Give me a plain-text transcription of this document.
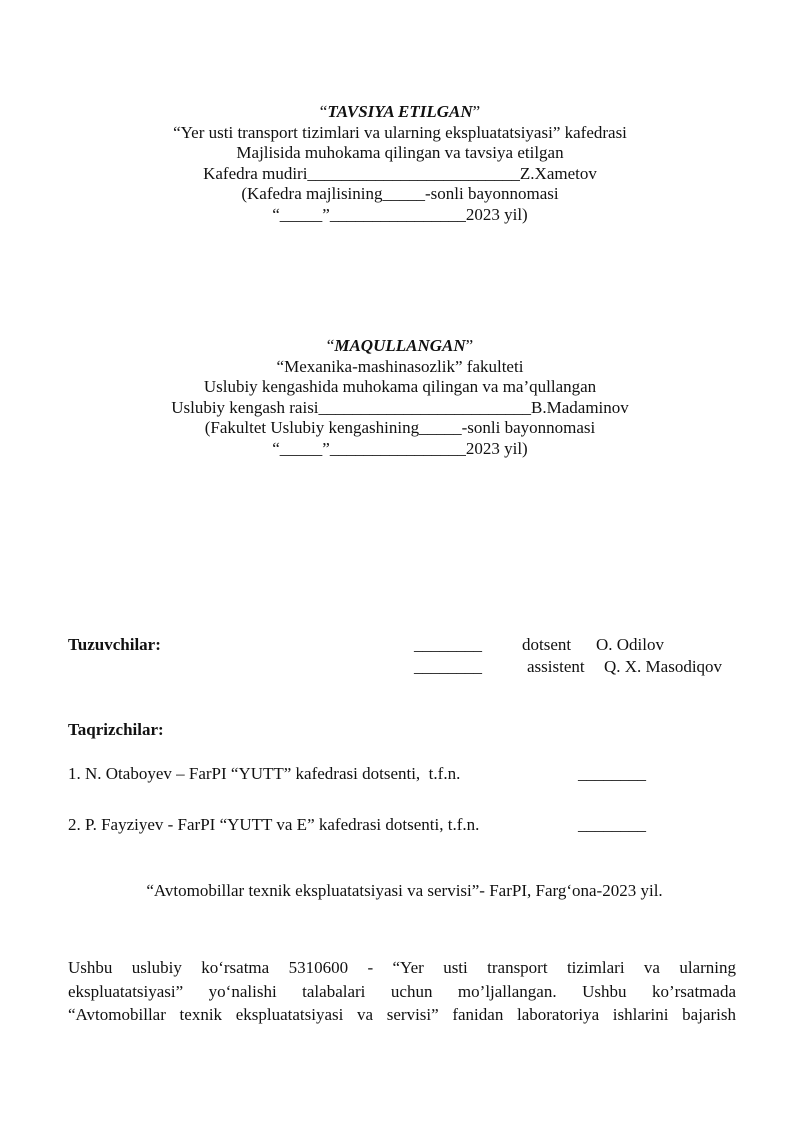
“TAVSIYA ETILGAN”
“Yer usti transport tizimlari va ularning ekspluatatsiyasi” kafedrasi
Majlisida muhokama qilingan va tavsiya etilgan
Kafedra mudiri_________________________Z.Xametov
(Kafedra majlisining_____-sonli bayonnomasi
“_____”________________2023 yil)
“MAQULLANGAN”
“Mexanika-mashinasozlik” fakulteti
Uslubiy kengashida muhokama qilingan va ma’qullangan
Uslubiy kengash raisi_________________________B.Madaminov
(Fakultet Uslubiy kengashining_____-sonli bayonnomasi
“_____”________________2023 yil)
Tuzuvchilar:	________ dotsent O. Odilov
________	assistent Q. X. Masodiqov
Taqrizchilar:
1. N. Otaboyev – FarPI “YUTT” kafedrasi dotsenti,  t.f.n.	________
2. P. Fayziyev - FarPI “YUTT va E” kafedrasi dotsenti, t.f.n.	________
“Avtomobillar texnik ekspluatatsiyasi va servisi”- FarPI, Farg‘ona-2023 yil.
Ushbu uslubiy ko‘rsatma 5310600 - “Yer usti transport tizimlari va ularning
ekspluatatsiyasi” yo‘nalishi talabalari uchun mo’ljallangan. Ushbu ko’rsatmada
“Avtomobillar texnik ekspluatatsiyasi va servisi” fanidan laboratoriya ishlarini bajarish
